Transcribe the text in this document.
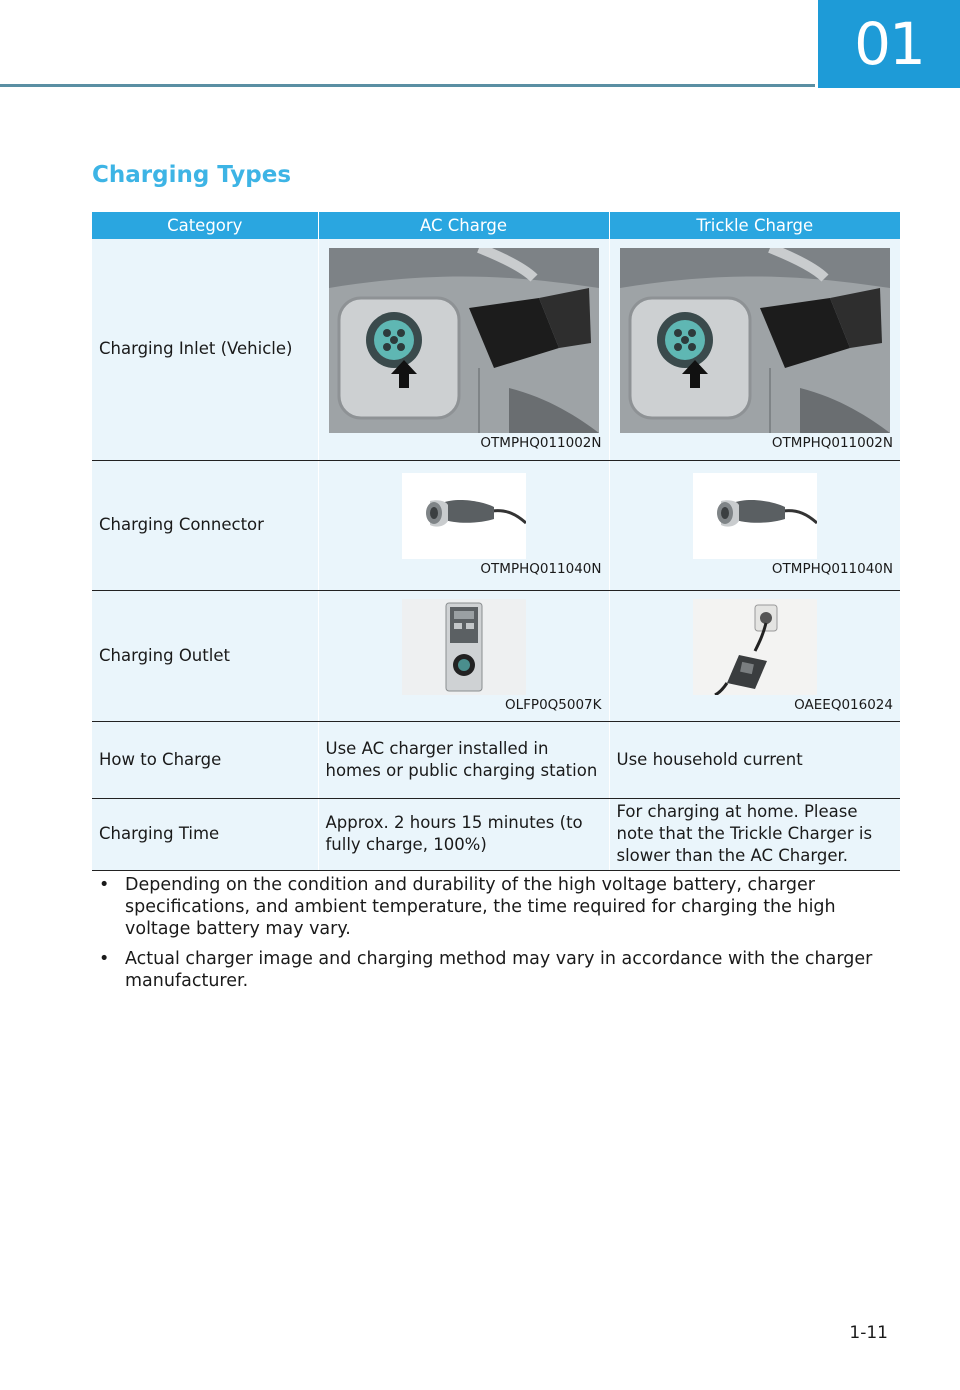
01
Charging Types
Category	AC Charge	Trickle Charge
Charging Inlet (Vehicle)	OTMPHQ011002N	OTMPHQ011002N

Charging Connector	OTMPHQ011040N	OTMPHQ011040N

Charging Outlet	OLFP0Q5007K	OAEEQ016024

How to Charge	Use AC charger installed in homes or public charging station	Use household current
Charging Time	Approx. 2 hours 15 minutes (to fully charge, 100%)	For charging at home. Please note that the Trickle Charger is slower than the AC Charger.
• Depending on the condition and durability of the high voltage battery, charger specifications, and ambient temperature, the time required for charging the high voltage battery may vary.
• Actual charger image and charging method may vary in accordance with the charger manufacturer.
1-11
